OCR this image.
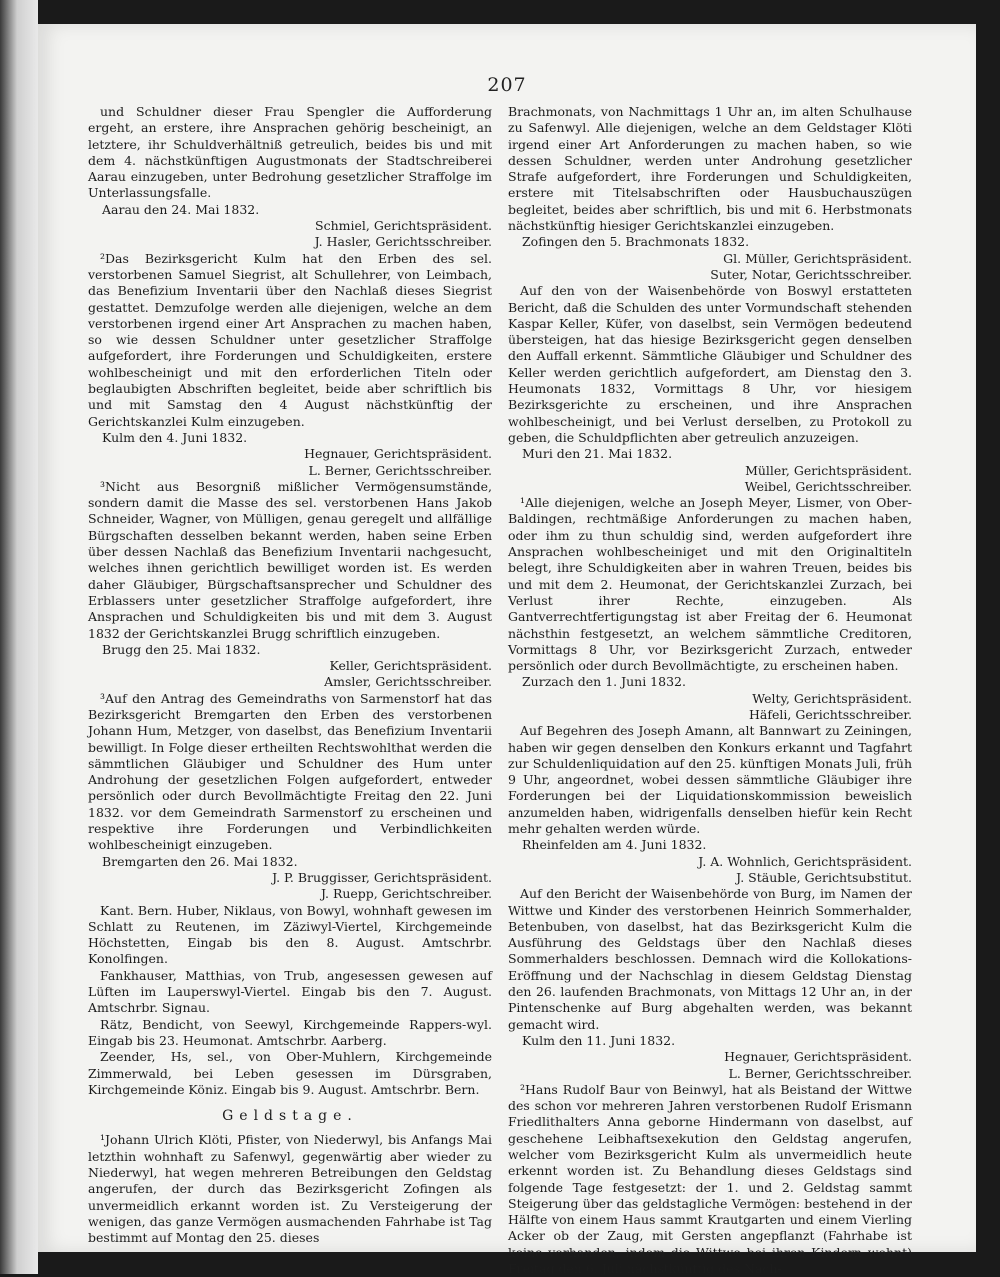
207

und Schuldner dieser Frau Spengler die Aufforderung ergeht, an erstere, ihre Ansprachen gehörig bescheinigt, an letztere, ihr Schuldverhältniß getreulich, beides bis und mit dem 4. nächstkünftigen Augustmonats der Stadtschreiberei Aarau einzugeben, unter Bedrohung gesetzlicher Straffolge im Unterlassungsfalle.

Aarau den 24. Mai 1832.

Schmiel, Gerichtspräsident.

J. Hasler, Gerichtsschreiber.

²Das Bezirksgericht Kulm hat den Erben des sel. verstorbenen Samuel Siegrist, alt Schullehrer, von Leimbach, das Benefizium Inventarii über den Nachlaß dieses Siegrist gestattet. Demzufolge werden alle diejenigen, welche an dem verstorbenen irgend einer Art Ansprachen zu machen haben, so wie dessen Schuldner unter gesetzlicher Straffolge aufgefordert, ihre Forderungen und Schuldigkeiten, erstere wohlbescheinigt und mit den erforderlichen Titeln oder beglaubigten Abschriften begleitet, beide aber schriftlich bis und mit Samstag den 4 August nächstkünftig der Gerichtskanzlei Kulm einzugeben.

Kulm den 4. Juni 1832.

Hegnauer, Gerichtspräsident.

L. Berner, Gerichtsschreiber.

³Nicht aus Besorgniß mißlicher Vermögensumstände, sondern damit die Masse des sel. verstorbenen Hans Jakob Schneider, Wagner, von Mülligen, genau geregelt und allfällige Bürgschaften desselben bekannt werden, haben seine Erben über dessen Nachlaß das Benefizium Inventarii nachgesucht, welches ihnen gerichtlich bewilliget worden ist. Es werden daher Gläubiger, Bürgschaftsansprecher und Schuldner des Erblassers unter gesetzlicher Straffolge aufgefordert, ihre Ansprachen und Schuldigkeiten bis und mit dem 3. August 1832 der Gerichtskanzlei Brugg schriftlich einzugeben.

Brugg den 25. Mai 1832.

Keller, Gerichtspräsident.

Amsler, Gerichtsschreiber.

³Auf den Antrag des Gemeindraths von Sarmenstorf hat das Bezirksgericht Bremgarten den Erben des verstorbenen Johann Hum, Metzger, von daselbst, das Benefizium Inventarii bewilligt. In Folge dieser ertheilten Rechtswohlthat werden die sämmtlichen Gläubiger und Schuldner des Hum unter Androhung der gesetzlichen Folgen aufgefordert, entweder persönlich oder durch Bevollmächtigte Freitag den 22. Juni 1832. vor dem Gemeindrath Sarmenstorf zu erscheinen und respektive ihre Forderungen und Verbindlichkeiten wohlbescheinigt einzugeben.

Bremgarten den 26. Mai 1832.

J. P. Bruggisser, Gerichtspräsident.

J. Ruepp, Gerichtschreiber.

Kant. Bern. Huber, Niklaus, von Bowyl, wohnhaft gewesen im Schlatt zu Reutenen, im Zäziwyl-Viertel, Kirchgemeinde Höchstetten, Eingab bis den 8. August. Amtschrbr. Konolfingen.

Fankhauser, Matthias, von Trub, angesessen gewesen auf Lüften im Lauperswyl-Viertel. Eingab bis den 7. August. Amtschrbr. Signau.

Rätz, Bendicht, von Seewyl, Kirchgemeinde Rappers-wyl. Eingab bis 23. Heumonat. Amtschrbr. Aarberg.

Zeender, Hs, sel., von Ober-Muhlern, Kirchgemeinde Zimmerwald, bei Leben gesessen im Dürsgraben, Kirchgemeinde Köniz. Eingab bis 9. August. Amtschrbr. Bern.

Geldstage.

¹Johann Ulrich Klöti, Pfister, von Niederwyl, bis Anfangs Mai letzthin wohnhaft zu Safenwyl, gegenwärtig aber wieder zu Niederwyl, hat wegen mehreren Betreibungen den Geldstag angerufen, der durch das Bezirksgericht Zofingen als unvermeidlich erkannt worden ist. Zu Versteigerung der wenigen, das ganze Vermögen ausmachenden Fahrhabe ist Tag bestimmt auf Montag den 25. dieses

Brachmonats, von Nachmittags 1 Uhr an, im alten Schulhause zu Safenwyl. Alle diejenigen, welche an dem Geldstager Klöti irgend einer Art Anforderungen zu machen haben, so wie dessen Schuldner, werden unter Androhung gesetzlicher Strafe aufgefordert, ihre Forderungen und Schuldigkeiten, erstere mit Titelsabschriften oder Hausbuchauszügen begleitet, beides aber schriftlich, bis und mit 6. Herbstmonats nächstkünftig hiesiger Gerichtskanzlei einzugeben.

Zofingen den 5. Brachmonats 1832.

Gl. Müller, Gerichtspräsident.

Suter, Notar, Gerichtsschreiber.

Auf den von der Waisenbehörde von Boswyl erstatteten Bericht, daß die Schulden des unter Vormundschaft stehenden Kaspar Keller, Küfer, von daselbst, sein Vermögen bedeutend übersteigen, hat das hiesige Bezirksgericht gegen denselben den Auffall erkennt. Sämmtliche Gläubiger und Schuldner des Keller werden gerichtlich aufgefordert, am Dienstag den 3. Heumonats 1832, Vormittags 8 Uhr, vor hiesigem Bezirksgerichte zu erscheinen, und ihre Ansprachen wohlbescheinigt, und bei Verlust derselben, zu Protokoll zu geben, die Schuldpflichten aber getreulich anzuzeigen.

Muri den 21. Mai 1832.

Müller, Gerichtspräsident.

Weibel, Gerichtsschreiber.

¹Alle diejenigen, welche an Joseph Meyer, Lismer, von Ober-Baldingen, rechtmäßige Anforderungen zu machen haben, oder ihm zu thun schuldig sind, werden aufgefordert ihre Ansprachen wohlbescheiniget und mit den Originaltiteln belegt, ihre Schuldigkeiten aber in wahren Treuen, beides bis und mit dem 2. Heumonat, der Gerichtskanzlei Zurzach, bei Verlust ihrer Rechte, einzugeben. Als Gantverrechtfertigungstag ist aber Freitag der 6. Heumonat nächsthin festgesetzt, an welchem sämmtliche Creditoren, Vormittags 8 Uhr, vor Bezirksgericht Zurzach, entweder persönlich oder durch Bevollmächtigte, zu erscheinen haben.

Zurzach den 1. Juni 1832.

Welty, Gerichtspräsident.

Häfeli, Gerichtsschreiber.

Auf Begehren des Joseph Amann, alt Bannwart zu Zeiningen, haben wir gegen denselben den Konkurs erkannt und Tagfahrt zur Schuldenliquidation auf den 25. künftigen Monats Juli, früh 9 Uhr, angeordnet, wobei dessen sämmtliche Gläubiger ihre Forderungen bei der Liquidationskommission beweislich anzumelden haben, widrigenfalls denselben hiefür kein Recht mehr gehalten werden würde.

Rheinfelden am 4. Juni 1832.

J. A. Wohnlich, Gerichtspräsident.

J. Stäuble, Gerichtsubstitut.

Auf den Bericht der Waisenbehörde von Burg, im Namen der Wittwe und Kinder des verstorbenen Heinrich Sommerhalder, Betenbuben, von daselbst, hat das Bezirksgericht Kulm die Ausführung des Geldstags über den Nachlaß dieses Sommerhalders beschlossen. Demnach wird die Kollokations-Eröffnung und der Nachschlag in diesem Geldstag Dienstag den 26. laufenden Brachmonats, von Mittags 12 Uhr an, in der Pintenschenke auf Burg abgehalten werden, was bekannt gemacht wird.

Kulm den 11. Juni 1832.

Hegnauer, Gerichtspräsident.

L. Berner, Gerichtsschreiber.

²Hans Rudolf Baur von Beinwyl, hat als Beistand der Wittwe des schon vor mehreren Jahren verstorbenen Rudolf Erismann Friedlithalters Anna geborne Hindermann von daselbst, auf geschehene Leibhaftsexekution den Geldstag angerufen, welcher vom Bezirksgericht Kulm als unvermeidlich heute erkennt worden ist. Zu Behandlung dieses Geldstags sind folgende Tage festgesetzt: der 1. und 2. Geldstag sammt Steigerung über das geldstagliche Vermögen: bestehend in der Hälfte von einem Haus sammt Krautgarten und einem Vierling Acker ob der Zaug, mit Gersten angepflanzt (Fahrhabe ist keine vorhanden, indem die Wittwe bei ihren Kindern wohnt) Freitag den 6. Juli nächstkünftig des Nach-
